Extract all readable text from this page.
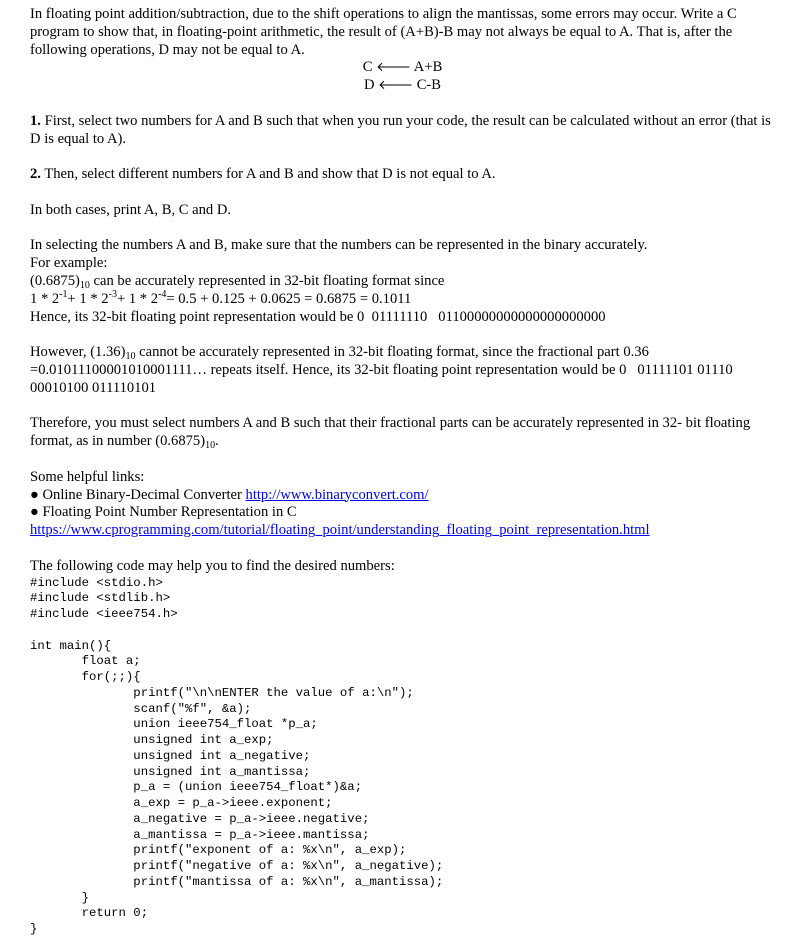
In floating point addition/subtraction, due to the shift operations to align the mantissas, some errors may occur. Write a C program to show that, in floating-point arithmetic, the result of (A+B)-B may not always be equal to A. That is, after the following operations, D may not be equal to A.

C 🡐 A+B

D 🡐 C-B

1. First, select two numbers for A and B such that when you run your code, the result can be calculated without an error (that is D is equal to A).

2. Then, select different numbers for A and B and show that D is not equal to A.

In both cases, print A, B, C and D.

In selecting the numbers A and B, make sure that the numbers can be represented in the binary accurately.

For example:

$(0.6875)_{10}$ can be accurately represented in 32-bit floating format since

$1 * 2^{-1}+ 1 * 2^{-3}+ 1 * 2^{-4}= 0.5 + 0.125 + 0.0625 = 0.6875 = 0.1011$

Hence, its 32-bit floating point representation would be 0  01111110   01100000000000000000000

However, $(1.36)_{10}$ cannot be accurately represented in 32-bit floating format, since the fractional part 0.36 =0.01011100001010001111… repeats itself. Hence, its 32-bit floating point representation would be 0   01111101 01110 00010100 011110101

Therefore, you must select numbers A and B such that their fractional parts can be accurately represented in 32- bit floating format, as in number $(0.6875)_{10}$.

Some helpful links:

● Online Binary-Decimal Converter http://www.binaryconvert.com/

● Floating Point Number Representation in C

https://www.cprogramming.com/tutorial/floating_point/understanding_floating_point_representation.html

The following code may help you to find the desired numbers:

#include <stdio.h>
#include <stdlib.h>
#include <ieee754.h>

int main(){
float a;
for(;;){
printf("\n\nENTER the value of a:\n");
scanf("%f", &a);
union ieee754_float *p_a;
unsigned int a_exp;
unsigned int a_negative;
unsigned int a_mantissa;
p_a = (union ieee754_float*)&a;
a_exp = p_a->ieee.exponent;
a_negative = p_a->ieee.negative;
a_mantissa = p_a->ieee.mantissa;
printf("exponent of a: %x\n", a_exp);
printf("negative of a: %x\n", a_negative);
printf("mantissa of a: %x\n", a_mantissa);
}
return 0;
}
